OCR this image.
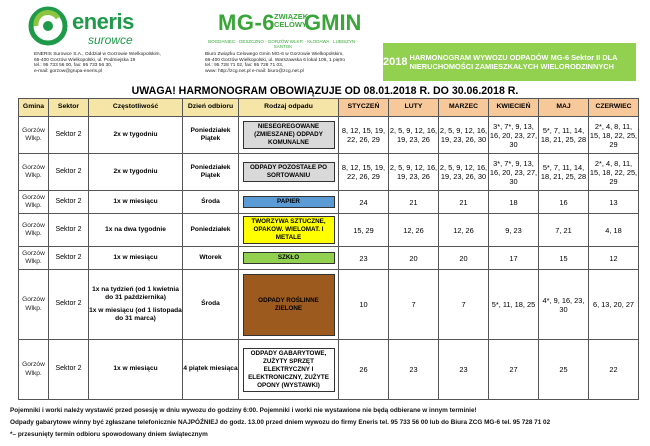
eneris
surowce
MG-6 ZWIĄZEK CELOWY
GMIN
BOGDANIEC · DESZCZNO · GORZÓW WLKP. · KŁODAWA · LUBISZYN · SANTOK
ENERIS Surowce S.A., Oddział w Gorzowie Wielkopolskim,
66-400 Gorzów Wielkopolski, ul. Podmiejska 19
tel.: 95 733 56 00, fax: 95 733 56 30,
e-mail: gorzow@grupa-eneris.pl
Biuro Związku Celowego Gmin MG-6 w Gorzowie Wielkopolskim,
66-400 Gorzów Wielkopolski, ul. Warszawska 6 lokal 106, 1 piętro
tel.: 95 728 71 02, fax: 95 728 71 03,
www: http://zcg.net.pl e-mail: biuro@zcg.net.pl
2018 HARMONOGRAM WYWOZU ODPADÓW MG-6 Sektor II DLA NIERUCHOMOŚCI ZAMIESZKAŁYCH WIELORODZINNYCH
UWAGA! HARMONOGRAM OBOWIĄZUJE OD 08.01.2018 R. DO 30.06.2018 R.
Gmina	Sektor	Częstotliwość	Dzień odbioru	Rodzaj odpadu	STYCZEŃ	LUTY	MARZEC	KWIECIEŃ	MAJ	CZERWIEC
Gorzów Wlkp.	Sektor 2	2x w tygodniu	Poniedziałek Piątek	NIESEGREGOWANE (ZMIESZANE) ODPADY KOMUNALNE	8, 12, 15, 19, 22, 26, 29	2, 5, 9, 12, 16, 19, 23, 26	2, 5, 9, 12, 16, 19, 23, 26, 30	3*, 7*, 9, 13, 16, 20, 23, 27, 30	5*, 7, 11, 14, 18, 21, 25, 28	2*, 4, 8, 11, 15, 18, 22, 25, 29
Gorzów Wlkp.	Sektor 2	2x w tygodniu	Poniedziałek Piątek	ODPADY POZOSTAŁE PO SORTOWANIU	8, 12, 15, 19, 22, 26, 29	2, 5, 9, 12, 16, 19, 23, 26	2, 5, 9, 12, 16, 19, 23, 26, 30	3*, 7*, 9, 13, 16, 20, 23, 27, 30	5*, 7, 11, 14, 18, 21, 25, 28	2*, 4, 8, 11, 15, 18, 22, 25, 29
Gorzów Wlkp.	Sektor 2	1x w miesiącu	Środa	PAPIER	24	21	21	18	16	13
Gorzów Wlkp.	Sektor 2	1x na dwa tygodnie	Poniedziałek	TWORZYWA SZTUCZNE, OPAKOW. WIELOMAT. I METALE	15, 29	12, 26	12, 26	9, 23	7, 21	4, 18
Gorzów Wlkp.	Sektor 2	1x w miesiącu	Wtorek	SZKŁO	23	20	20	17	15	12
Gorzów Wlkp.	Sektor 2	1x na tydzień (od 1 kwietnia do 31 października)
1x w miesiącu (od 1 listopada do 31 marca)	Środa	ODPADY ROŚLINNE ZIELONE	10	7	7	5*, 11, 18, 25	4*, 9, 16, 23, 30	6, 13, 20, 27
Gorzów Wlkp.	Sektor 2	1x w miesiącu	4 piątek miesiąca	ODPADY GABARYTOWE, ZUŻYTY SPRZĘT ELEKTRYCZNY I ELEKTRONICZNY, ZUŻYTE OPONY (WYSTAWKI)	26	23	23	27	25	22
Pojemniki i worki należy wystawić przed posesję w dniu wywozu do godziny 6:00. Pojemniki i worki nie wystawione nie będą odbierane w innym terminie!
Odpady gabarytowe winny być zgłaszane telefonicznie NAJPÓŹNIEJ do godz. 13.00 przed dniem wywozu do firmy Eneris tel. 95 733 56 00 lub do Biura ZCG MG-6 tel. 95 728 71 02
*– przesunięty termin odbioru spowodowany dniem świątecznym
